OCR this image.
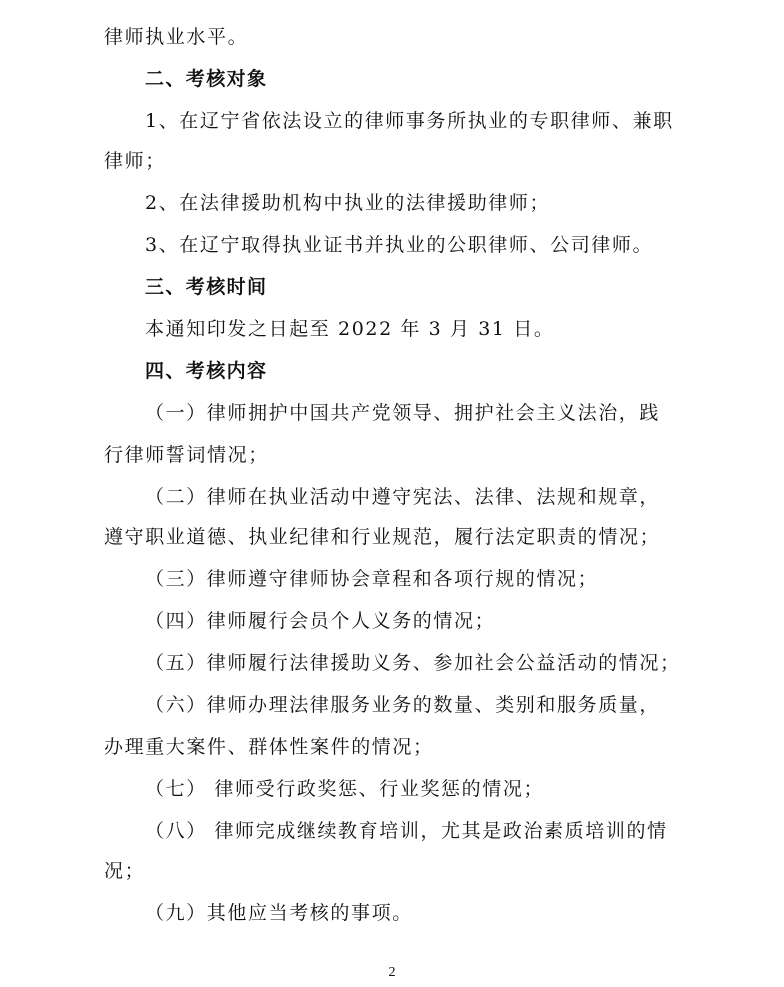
律师执业水平。
二、考核对象
1、在辽宁省依法设立的律师事务所执业的专职律师、兼职
律师；
2、在法律援助机构中执业的法律援助律师；
3、在辽宁取得执业证书并执业的公职律师、公司律师。
三、考核时间
本通知印发之日起至 2022 年 3 月 31 日。
四、考核内容
（一）律师拥护中国共产党领导、拥护社会主义法治，践
行律师誓词情况；
（二）律师在执业活动中遵守宪法、法律、法规和规章，
遵守职业道德、执业纪律和行业规范，履行法定职责的情况；
（三）律师遵守律师协会章程和各项行规的情况；
（四）律师履行会员个人义务的情况；
（五）律师履行法律援助义务、参加社会公益活动的情况；
（六）律师办理法律服务业务的数量、类别和服务质量，
办理重大案件、群体性案件的情况；
（七） 律师受行政奖惩、行业奖惩的情况；
（八） 律师完成继续教育培训，尤其是政治素质培训的情
况；
（九）其他应当考核的事项。
2
